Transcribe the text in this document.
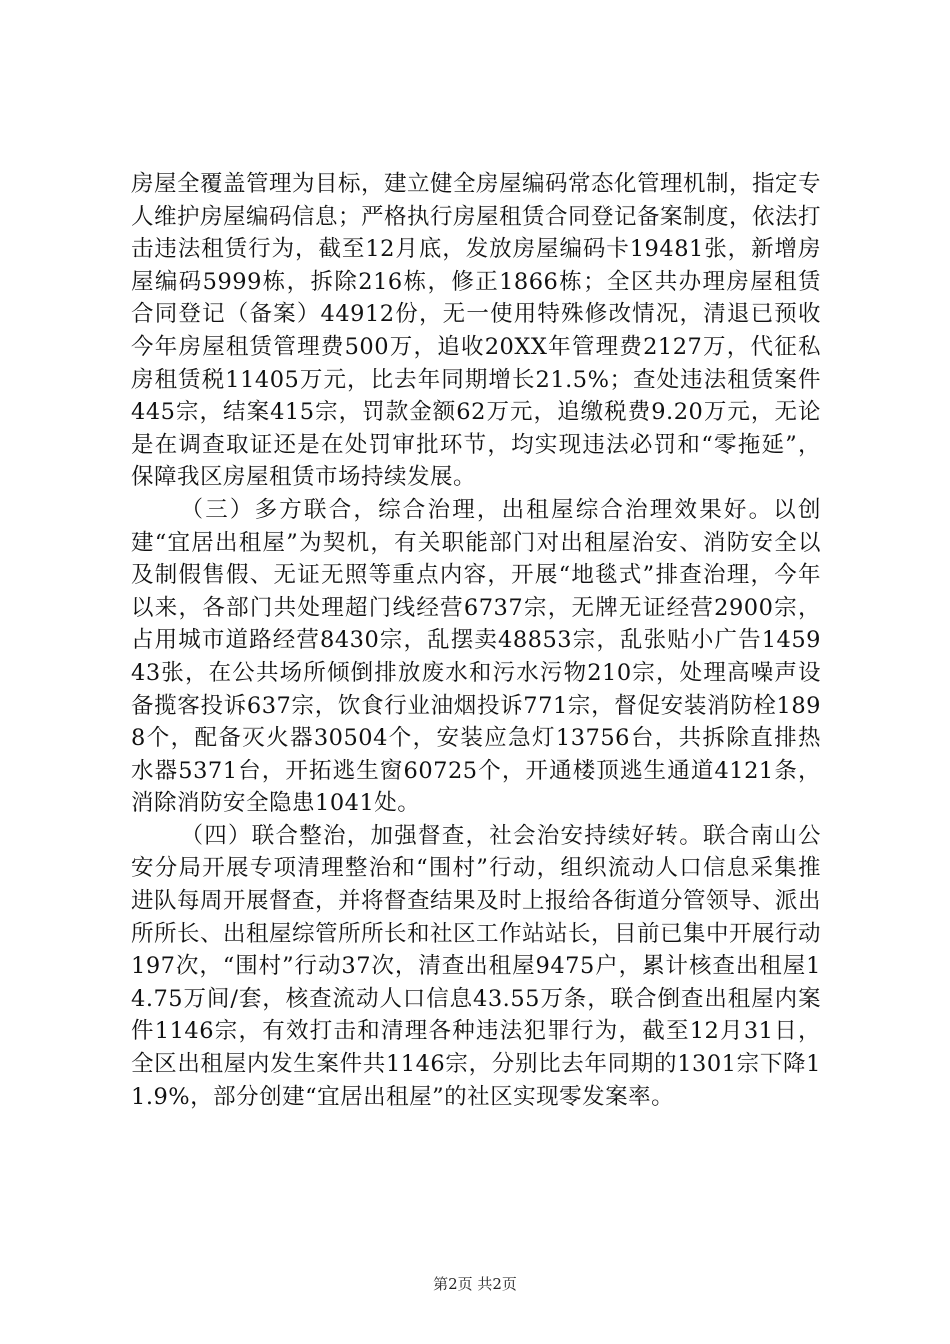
房屋全覆盖管理为目标，建立健全房屋编码常态化管理机制，指定专人维护房屋编码信息；严格执行房屋租赁合同登记备案制度，依法打击违法租赁行为，截至12月底，发放房屋编码卡19481张，新增房屋编码5999栋，拆除216栋，修正1866栋；全区共办理房屋租赁合同登记（备案）44912份，无一使用特殊修改情况，清退已预收今年房屋租赁管理费500万，追收20XX年管理费2127万，代征私房租赁税11405万元，比去年同期增长21.5%；查处违法租赁案件445宗，结案415宗，罚款金额62万元，追缴税费9.20万元，无论是在调查取证还是在处罚审批环节，均实现违法必罚和“零拖延”，保障我区房屋租赁市场持续发展。

（三）多方联合，综合治理，出租屋综合治理效果好。以创建“宜居出租屋”为契机，有关职能部门对出租屋治安、消防安全以及制假售假、无证无照等重点内容，开展“地毯式”排查治理，今年以来，各部门共处理超门线经营6737宗，无牌无证经营2900宗，占用城市道路经营8430宗，乱摆卖48853宗，乱张贴小广告145943张，在公共场所倾倒排放废水和污水污物210宗，处理高噪声设备揽客投诉637宗，饮食行业油烟投诉771宗，督促安装消防栓1898个，配备灭火器30504个，安装应急灯13756台，共拆除直排热水器5371台，开拓逃生窗60725个，开通楼顶逃生通道4121条，消除消防安全隐患1041处。

（四）联合整治，加强督查，社会治安持续好转。联合南山公安分局开展专项清理整治和“围村”行动，组织流动人口信息采集推进队每周开展督查，并将督查结果及时上报给各街道分管领导、派出所所长、出租屋综管所所长和社区工作站站长，目前已集中开展行动197次，“围村”行动37次，清查出租屋9475户，累计核查出租屋14.75万间/套，核查流动人口信息43.55万条，联合倒查出租屋内案件1146宗，有效打击和清理各种违法犯罪行为，截至12月31日，全区出租屋内发生案件共1146宗，分别比去年同期的1301宗下降11.9%，部分创建“宜居出租屋”的社区实现零发案率。

第2页 共2页
